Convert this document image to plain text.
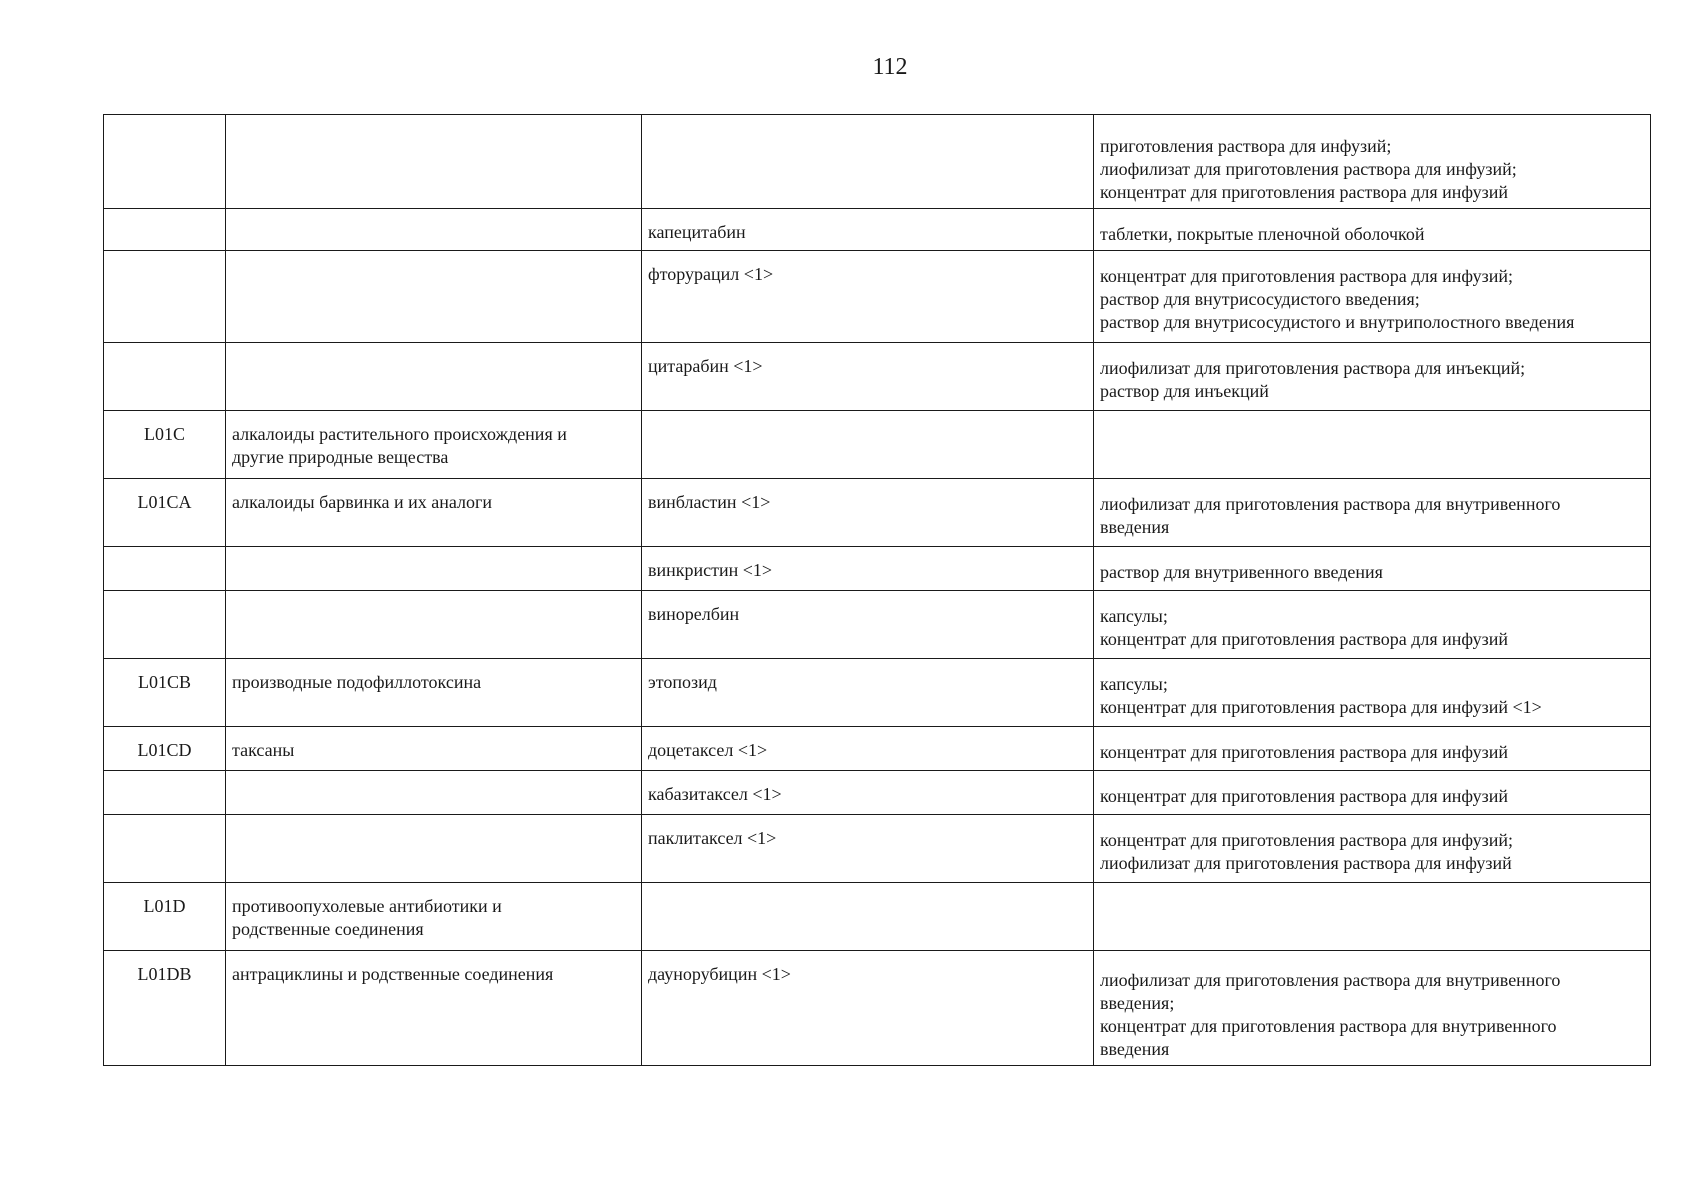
112

			приготовления раствора для инфузий;
лиофилизат для приготовления раствора для инфузий;
концентрат для приготовления раствора для инфузий

		капецитабин	таблетки, покрытые пленочной оболочкой

		фторурацил <1>	концентрат для приготовления раствора для инфузий;
раствор для внутрисосудистого введения;
раствор для внутрисосудистого и внутриполостного введения

		цитарабин <1>	лиофилизат для приготовления раствора для инъекций;
раствор для инъекций

L01C	алкалоиды растительного происхождения и
другие природные вещества		

L01CA	алкалоиды барвинка и их аналоги	винбластин <1>	лиофилизат для приготовления раствора для внутривенного
введения

		винкристин <1>	раствор для внутривенного введения

		винорелбин	капсулы;
концентрат для приготовления раствора для инфузий

L01CB	производные подофиллотоксина	этопозид	капсулы;
концентрат для приготовления раствора для инфузий <1>

L01CD	таксаны	доцетаксел <1>	концентрат для приготовления раствора для инфузий

		кабазитаксел <1>	концентрат для приготовления раствора для инфузий

		паклитаксел <1>	концентрат для приготовления раствора для инфузий;
лиофилизат для приготовления раствора для инфузий

L01D	противоопухолевые антибиотики и
родственные соединения		

L01DB	антрациклины и родственные соединения	даунорубицин <1>	лиофилизат для приготовления раствора для внутривенного
введения;
концентрат для приготовления раствора для внутривенного
введения
